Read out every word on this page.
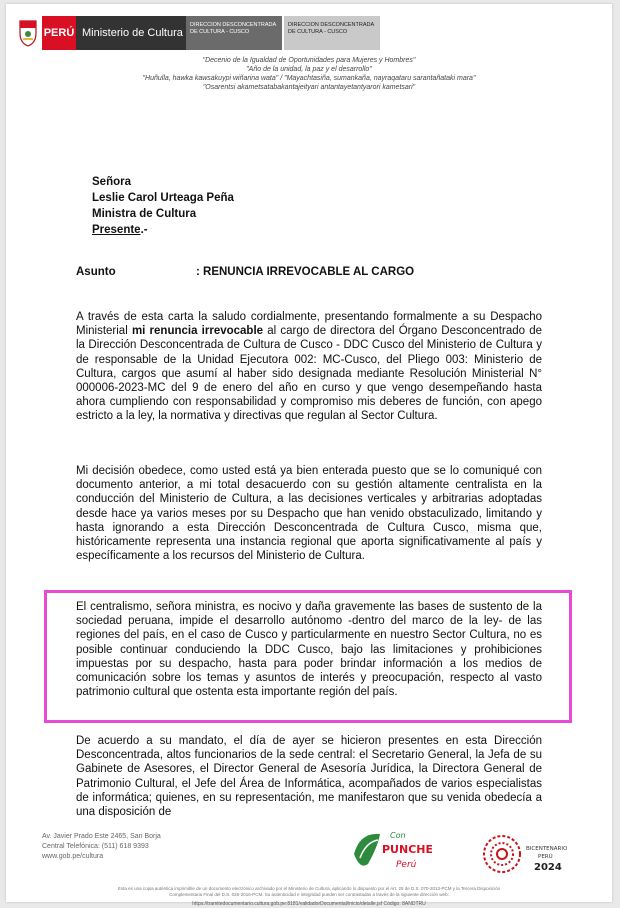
PERÚ Ministerio de Cultura
DIRECCION DESCONCENTRADA DE CULTURA - CUSCO
DIRECCION DESCONCENTRADA DE CULTURA - CUSCO
"Decenio de la Igualdad de Oportunidades para Mujeres y Hombres"
"Año de la unidad, la paz y el desarrollo"
"Huñulla, hawka kawsakuypi wiñarina wata" / "Mayachtasiña, sumankaña, nayraqataru sarantañataki mara"
"Osarentsi akametsatabakantajeityari antantayetantyarori kametsari"
Señora
Leslie Carol Urteaga Peña
Ministra de Cultura
Presente.-
Asunto	: RENUNCIA IRREVOCABLE AL CARGO

A través de esta carta la saludo cordialmente, presentando formalmente a su Despacho Ministerial mi renuncia irrevocable al cargo de directora del Órgano Desconcentrado de la Dirección Desconcentrada de Cultura de Cusco - DDC Cusco del Ministerio de Cultura y de responsable de la Unidad Ejecutora 002: MC-Cusco, del Pliego 003: Ministerio de Cultura, cargos que asumí al haber sido designada mediante Resolución Ministerial N° 000006-2023-MC del 9 de enero del año en curso y que vengo desempeñando hasta ahora cumpliendo con responsabilidad y compromiso mis deberes de función, con apego estricto a la ley, la normativa y directivas que regulan al Sector Cultura.

Mi decisión obedece, como usted está ya bien enterada puesto que se lo comuniqué con documento anterior, a mi total desacuerdo con su gestión altamente centralista en la conducción del Ministerio de Cultura, a las decisiones verticales y arbitrarias adoptadas desde hace ya varios meses por su Despacho que han venido obstaculizado, limitando y hasta ignorando a esta Dirección Desconcentrada de Cultura Cusco, misma que, históricamente representa una instancia regional que aporta significativamente al país y específicamente a los recursos del Ministerio de Cultura.

El centralismo, señora ministra, es nocivo y daña gravemente las bases de sustento de la sociedad peruana, impide el desarrollo autónomo -dentro del marco de la ley- de las regiones del país, en el caso de Cusco y particularmente en nuestro Sector Cultura, no es posible continuar conduciendo la DDC Cusco, bajo las limitaciones y prohibiciones impuestas por su despacho, hasta para poder brindar información a los medios de comunicación sobre los temas y asuntos de interés y preocupación, respecto al vasto patrimonio cultural que ostenta esta importante región del país.

De acuerdo a su mandato, el día de ayer se hicieron presentes en esta Dirección Desconcentrada, altos funcionarios de la sede central: el Secretario General, la Jefa de su Gabinete de Asesores, el Director General de Asesoría Jurídica, la Directora General de Patrimonio Cultural, el Jefe del Área de Informática, acompañados de varios especialistas de informática; quienes, en su representación, me manifestaron que su venida obedecía a una disposición de

Av. Javier Prado Este 2465, San Borja
Central Telefónica: (511) 618 9393
www.gob.pe/cultura
Con
PUNCHE
Perú
BICENTENARIO
PERÚ
2024
Esta es una copia auténtica imprimible de un documento electrónico archivado por el Ministerio de Cultura, aplicando lo dispuesto por el Art. 25 de D.S. 070-2013-PCM y la Tercera Disposición
Complementaria Final del D.S. 026-2016-PCM. Su autenticidad e integridad pueden ser contrastadas a través de la siguiente dirección web:
https://tramitedocumentario.cultura.gob.pe:8181/validadorDocumental/inicio/detalle.jsf Código: 8ANDTRU
